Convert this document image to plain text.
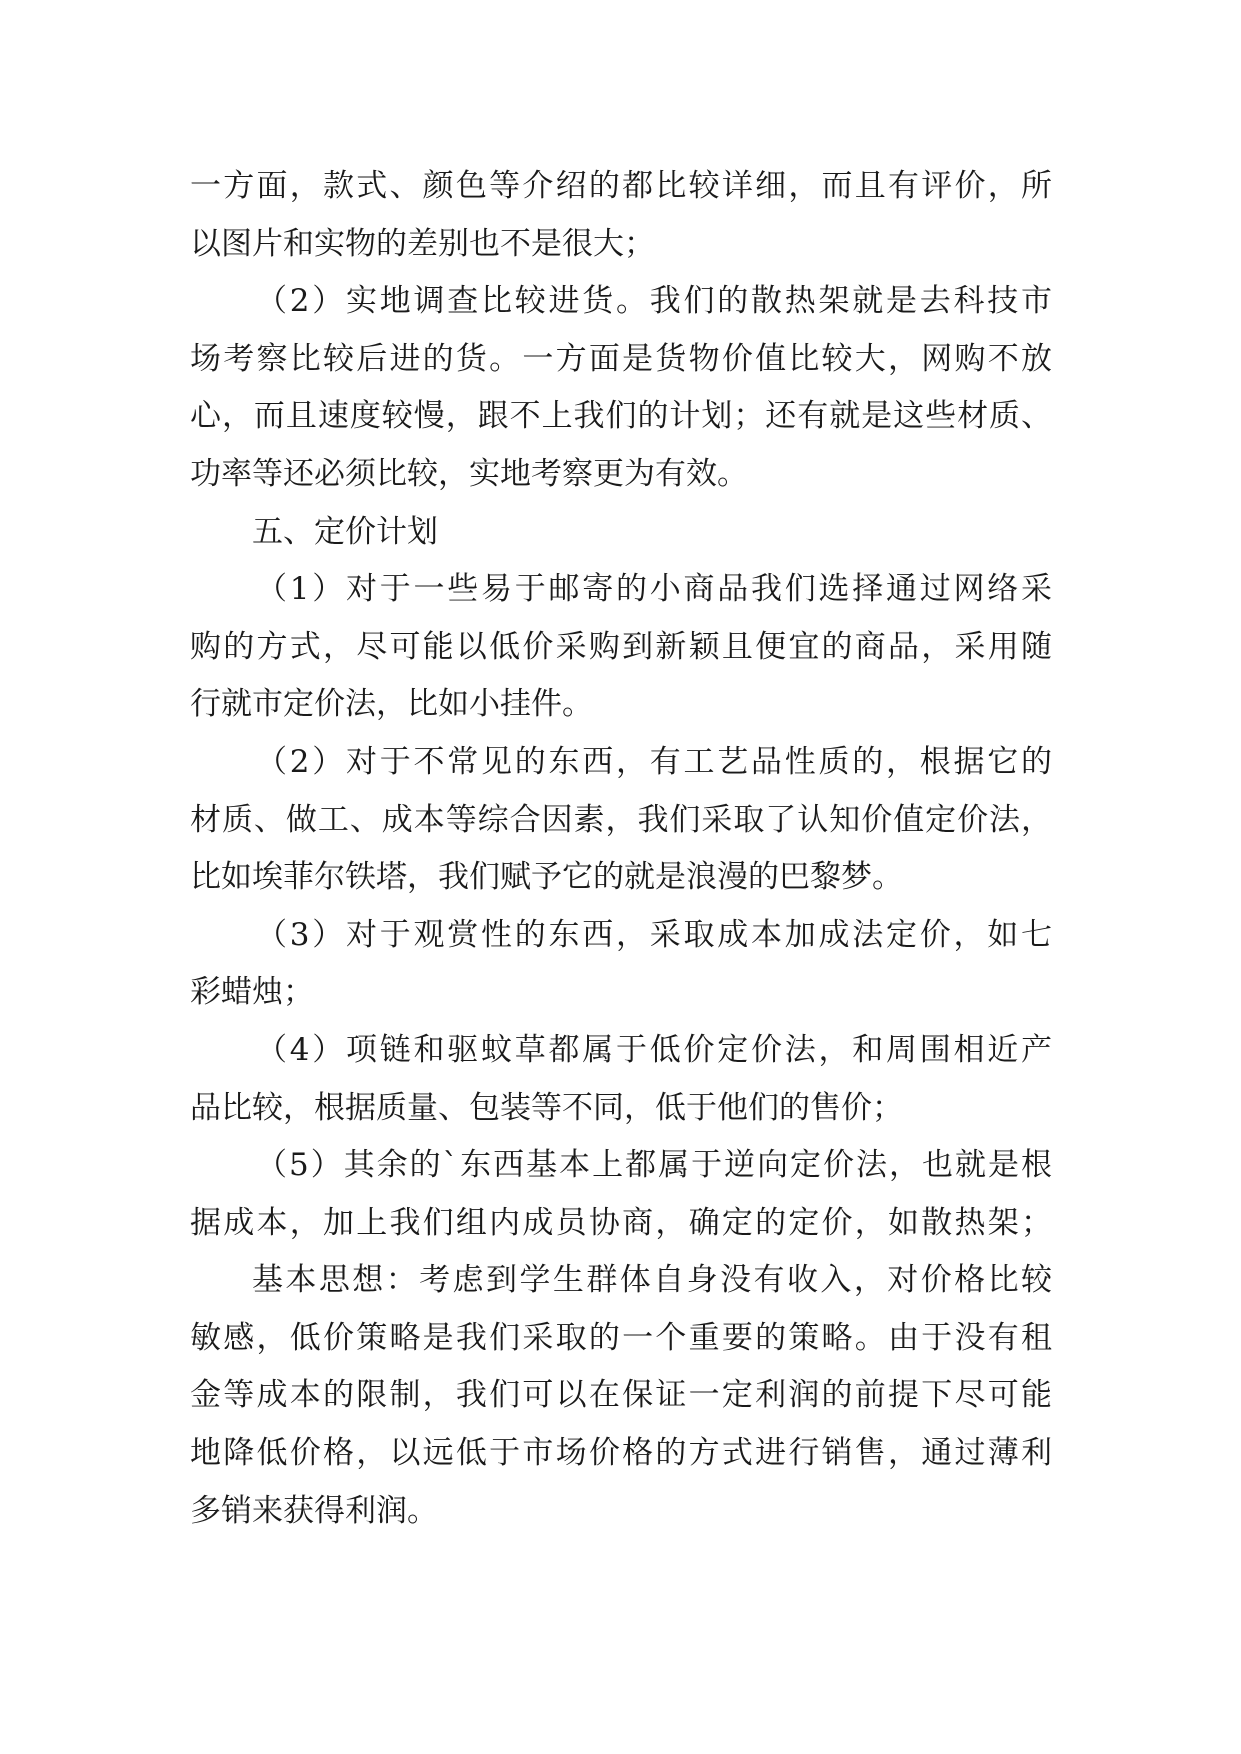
一方面，款式、颜色等介绍的都比较详细，而且有评价，所
以图片和实物的差别也不是很大；
（2）实地调查比较进货。我们的散热架就是去科技市
场考察比较后进的货。一方面是货物价值比较大，网购不放
心，而且速度较慢，跟不上我们的计划；还有就是这些材质、
功率等还必须比较，实地考察更为有效。
五、定价计划
（1）对于一些易于邮寄的小商品我们选择通过网络采
购的方式，尽可能以低价采购到新颖且便宜的商品，采用随
行就市定价法，比如小挂件。
（2）对于不常见的东西，有工艺品性质的，根据它的
材质、做工、成本等综合因素，我们采取了认知价值定价法，
比如埃菲尔铁塔，我们赋予它的就是浪漫的巴黎梦。
（3）对于观赏性的东西，采取成本加成法定价，如七
彩蜡烛；
（4）项链和驱蚊草都属于低价定价法，和周围相近产
品比较，根据质量、包装等不同，低于他们的售价；
（5）其余的`东西基本上都属于逆向定价法，也就是根
据成本，加上我们组内成员协商，确定的定价，如散热架；
基本思想：考虑到学生群体自身没有收入，对价格比较
敏感，低价策略是我们采取的一个重要的策略。由于没有租
金等成本的限制，我们可以在保证一定利润的前提下尽可能
地降低价格，以远低于市场价格的方式进行销售，通过薄利
多销来获得利润。
